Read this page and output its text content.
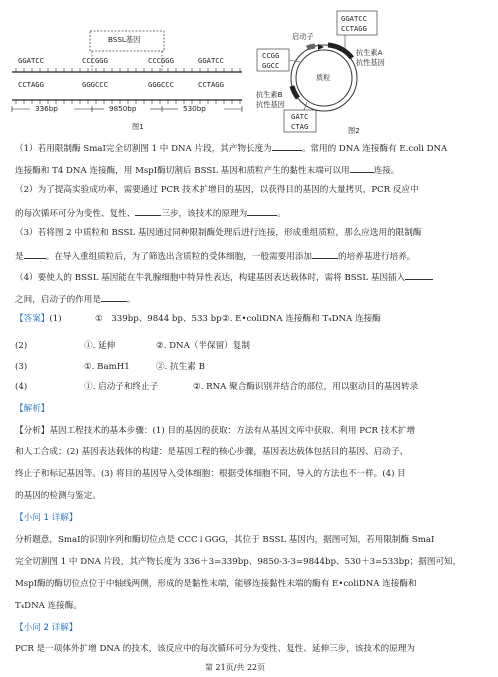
BSSL基因
GGATCC	CCCGGG	CCCGGG	GGATCC
CCTAGG	GGGCCC	GGGCCC	CCTAGG
336bp	9850bp	530bp
图1
启动子
GGATCC
CCTAGG
CCGG
GGCC
抗生素A
抗性基因
质粒
抗生素B
抗性基因
GATC
CTAG	图2
（1）若用限制酶 SmaI完全切割图 1 中 DNA 片段，其产物长度为	。常用的 DNA 连接酶有 E.coli DNA
连接酶和 T4 DNA 连接酶，用 MspI酶切割后 BSSL 基因和质粒产生的黏性末端可以用	连接。
（2）为了提高实验成功率，需要通过 PCR 技术扩增目的基因，以获得目的基因的大量拷贝，PCR 反应中
的每次循环可分为变性、复性、	三步，该技术的原理为	。
（3）若将图 2 中质粒和 BSSL 基因通过同种限制酶处理后进行连接，形成重组质粒，那么应选用的限制酶
是	。在导入重组质粒后，为了筛选出含质粒的受体细胞，一般需要用添加	的培养基进行培养。
（4）要使人的 BSSL 基因能在牛乳腺细胞中特异性表达，构建基因表达载体时，需将 BSSL 基因插入
之间，启动子的作用是	。
【答案】(1)	①　339bp、9844 bp、533 bp ②. E•coliDNA 连接酶和 T₄DNA 连接酶
(2)	①. 延伸	②. DNA（半保留）复制
(3)	①. BamH1	②. 抗生素 B
(4)	①. 启动子和终止子	②. RNA 聚合酶识别并结合的部位，用以驱动目的基因转录
【解析】
【分析】基因工程技术的基本步骤：(1) 目的基因的获取：方法有从基因文库中获取、利用 PCR 技术扩增
和人工合成；(2) 基因表达载体的构建：是基因工程的核心步骤，基因表达载体包括目的基因、启动子、
终止子和标记基因等。(3) 将目的基因导入受体细胞：根据受体细胞不同，导入的方法也不一样。(4) 目
的基因的检测与鉴定。
【小问 1 详解】
分析题意，SmaI的识别序列和酶切位点是 CCC↓GGG，其位于 BSSL 基因内，据图可知，若用限制酶 SmaI
完全切割图 1 中 DNA 片段，其产物长度为 336＋3=339bp、9850-3-3=9844bp、530＋3=533bp；据图可知，
MspI酶的酶切位点位于中轴线两侧，形成的是黏性末端，能够连接黏性末端的酶有 E•coliDNA 连接酶和
T₄DNA 连接酶。
【小问 2 详解】
PCR 是一项体外扩增 DNA 的技术，该反应中的每次循环可分为变性、复性、延伸三步，该技术的原理为
第 21页/共 22页
